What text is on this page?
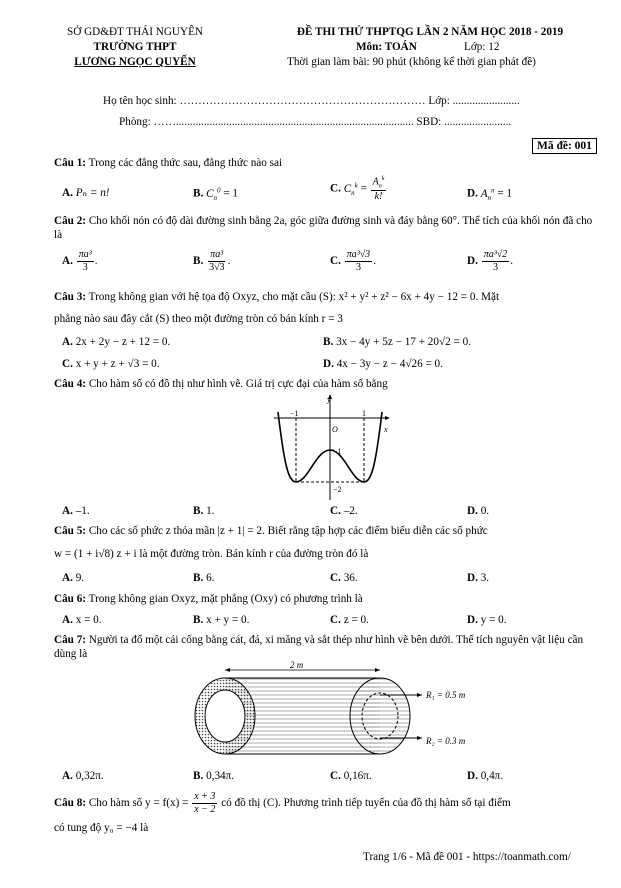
SỞ GD&ĐT THÁI NGUYÊN
TRƯỜNG THPT
LƯƠNG NGỌC QUYẾN
ĐỀ THI THỬ THPTQG LẦN 2 NĂM HỌC 2018 - 2019
Môn: TOÁN	Lớp: 12
Thời gian làm bài: 90 phút (không kể thời gian phát đề)
Họ tên học sinh: ………………………………………………………… Lớp: ........................
Phòng: ……..................................................................................... SBD: ........................
Mã đề: 001
Câu 1: Trong các đẳng thức sau, đẳng thức nào sai
A. Pₙ = n!	B. $C_n^0 = 1$	C. $C_n^k = \frac{A_n^k}{k!}$	D. $A_n^n = 1$
Câu 2: Cho khối nón có độ dài đường sinh bằng 2a, góc giữa đường sinh và đáy bằng 60°. Thể tích của khối nón đã cho là
A. $\frac{\text{πa³}}{3}$ .	B. $\frac{\text{πa³}}{3√3}$ .	C. $\frac{\text{πa³√3}}{3}$ .	D. $\frac{\text{πa³√2}}{3}$ .
Câu 3: Trong không gian với hệ tọa độ Oxyz, cho mặt cầu (S): x² + y² + z² − 6x + 4y − 12 = 0. Mặt
phẳng nào sau đây cắt (S) theo một đường tròn có bán kính r = 3
A. 2x + 2y − z + 12 = 0.	B. 3x − 4y + 5z − 17 + 20√2 = 0.
C. x + y + z + √3 = 0.	D. 4x − 3y − z − 4√26 = 0.
Câu 4: Cho hàm số có đồ thị như hình vẽ. Giá trị cực đại của hàm số bằng
y
x
O
−1	1
−1
−2
A. –1.	B. 1.	C. –2.	D. 0.
Câu 5: Cho các số phức z thỏa mãn |z + 1| = 2. Biết rằng tập hợp các điểm biểu diễn các số phức
w = (1 + i√8) z + i là một đường tròn. Bán kính r của đường tròn đó là
A. 9.	B. 6.	C. 36.	D. 3.
Câu 6: Trong không gian Oxyz, mặt phẳng (Oxy) có phương trình là
A. x = 0.	B. x + y = 0.	C. z = 0.	D. y = 0.
Câu 7: Người ta đổ một cái cống bằng cát, đá, xi măng và sắt thép như hình vẽ bên dưới. Thể tích nguyên vật liệu cần dùng là
2 m
R₁ = 0.5 m
R₂ = 0.3 m
A. 0,32π.	B. 0,34π.	C. 0,16π.	D. 0,4π.
Câu 8: Cho hàm số $y = f(x) = \frac{x + 3}{x - 2}$ có đồ thị (C). Phương trình tiếp tuyến của đồ thị hàm số tại điểm
có tung độ y₀ = −4 là
Trang 1/6 - Mã đề 001 - https://toanmath.com/
